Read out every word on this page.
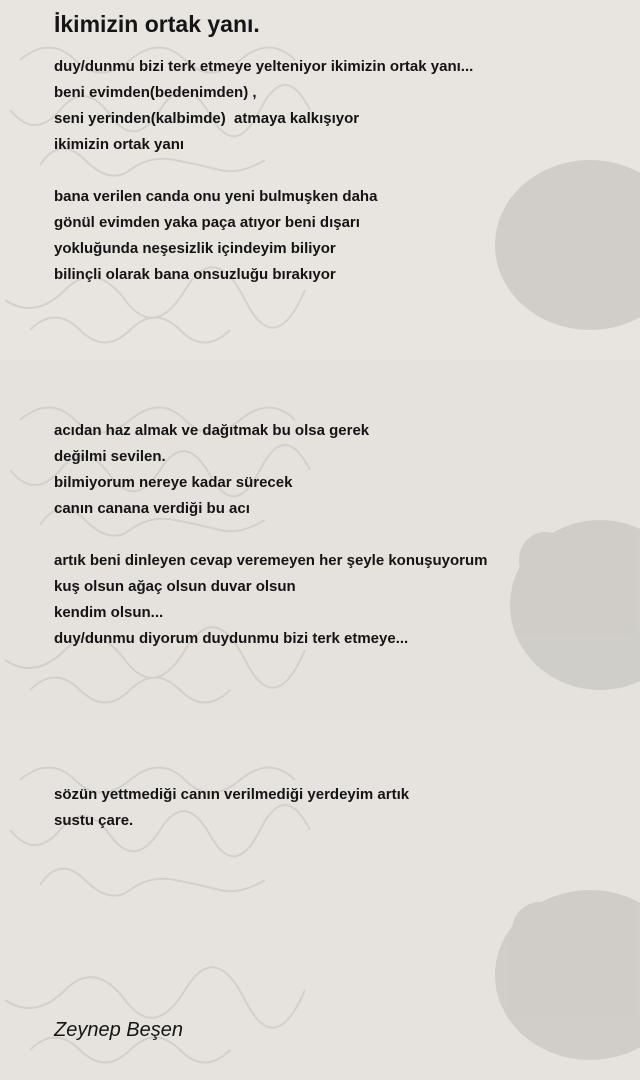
İkimizin ortak yanı.
duy/dunmu bizi terk etmeye yelteniyor ikimizin ortak yanı...
beni evimden(bedenimden) ,
seni yerinden(kalbimde)  atmaya kalkışıyor
ikimizin ortak yanı
bana verilen canda onu yeni bulmuşken daha
gönül evimden yaka paça atıyor beni dışarı
yokluğunda neşesizlik içindeyim biliyor
bilinçli olarak bana onsuzluğu bırakıyor
acıdan haz almak ve dağıtmak bu olsa gerek
değilmi sevilen.
bilmiyorum nereye kadar sürecek
canın canana verdiği bu acı
artık beni dinleyen cevap veremeyen her şeyle konuşuyorum
kuş olsun ağaç olsun duvar olsun
kendim olsun...
duy/dunmu diyorum duydunmu bizi terk etmeye...
sözün yettmediği canın verilmediği yerdeyim artık
sustu çare.
Zeynep Beşen
